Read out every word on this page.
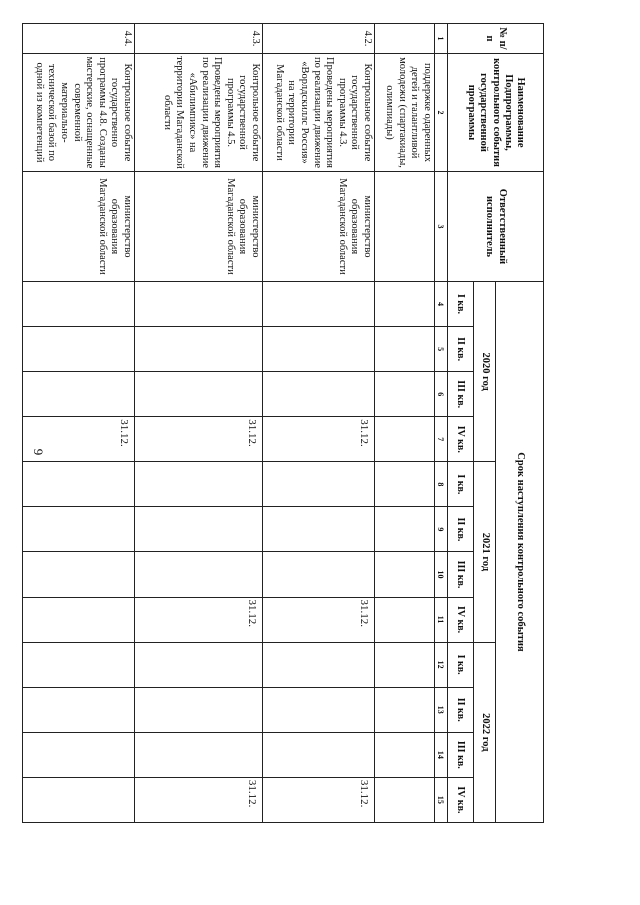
9
№ п/п	Наименование Подпрограммы, контрольного события государственной программы	Ответственный исполнитель	Срок наступления контрольного события											
			2020 год				2021 год				2022 год			
			I кв.	II кв.	III кв.	IV кв.	I кв.	II кв.	III кв.	IV кв.	I кв.	II кв.	III кв.	IV кв.
1	2	3	4	5	6	7	8	9	10	11	12	13	14	15
	поддержке одаренных детей и талантливой молодежи (спартакиады, олимпиады)													
4.2.	Контрольное событие государственной программы 4.3. Проведены мероприятия по реализации движение «Ворлдскиллс Россия» на территории Магаданской области	министерство образования Магаданской области				31.12.				31.12.				31.12.
4.3.	Контрольное событие государственной программы 4.5. Проведены мероприятия по реализации движение «Абилимпикс» на территории Магаданской области	министерство образования Магаданской области				31.12.				31.12.				31.12.
4.4.	Контрольное событие государственно программы 4.8. Созданы мастерские, оснащенные современной материально-технической базой по одной из компетенций	министерство образования Магаданской области				31.12.								
